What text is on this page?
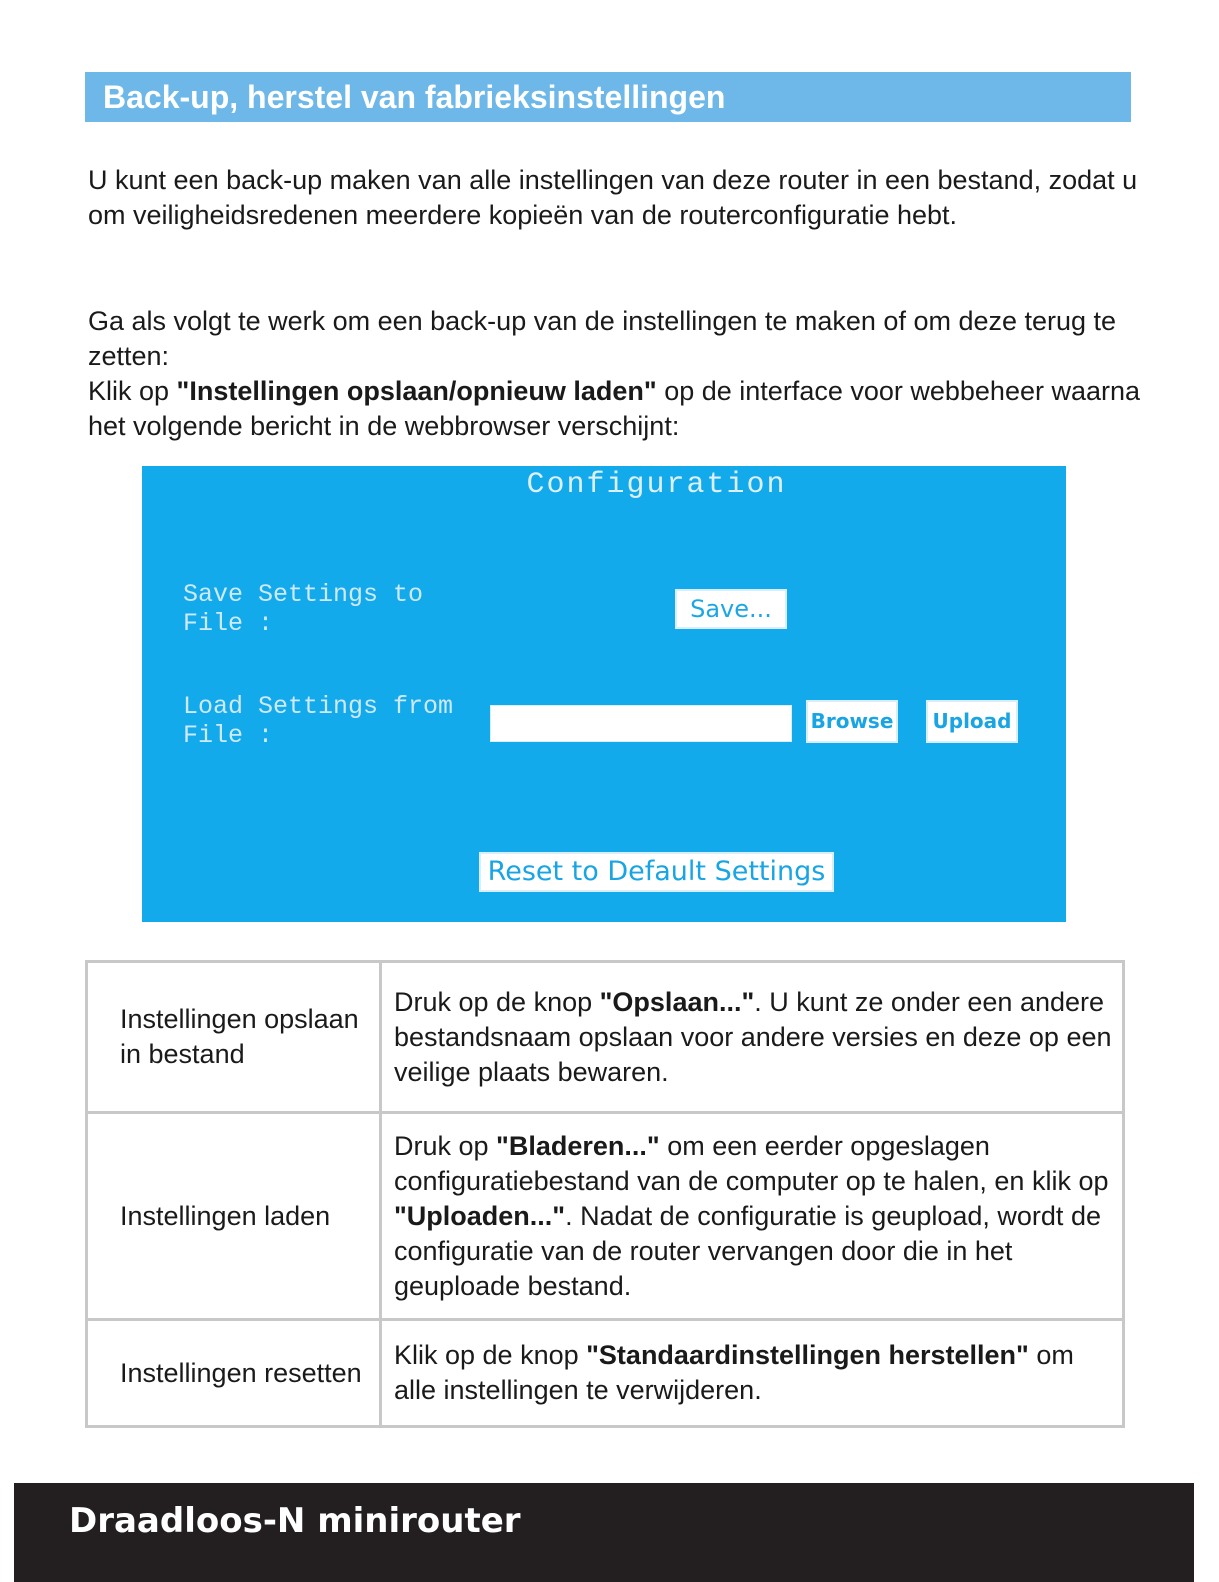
Back-up, herstel van fabrieksinstellingen

U kunt een back-up maken van alle instellingen van deze router in een bestand, zodat u om veiligheidsredenen meerdere kopieën van de routerconfiguratie hebt.

Ga als volgt te werk om een back-up van de instellingen te maken of om deze terug te zetten:
Klik op "Instellingen opslaan/opnieuw laden" op de interface voor webbeheer waarna het volgende bericht in de webbrowser verschijnt:

Configuration
Save...
Browse	Upload
Reset to Default Settings
Save Settings to
File :
Load Settings from
File :
Instellingen opslaan in bestand	Druk op de knop "Opslaan...". U kunt ze onder een andere bestandsnaam opslaan voor andere versies en deze op een veilige plaats bewaren.
Instellingen laden	Druk op "Bladeren..." om een eerder opgeslagen configuratiebestand van de computer op te halen, en klik op "Uploaden...". Nadat de configuratie is geupload, wordt de configuratie van de router vervangen door die in het geuploade bestand.
Instellingen resetten	Klik op de knop "Standaardinstellingen herstellen" om alle instellingen te verwijderen.
Draadloos-N minirouter
